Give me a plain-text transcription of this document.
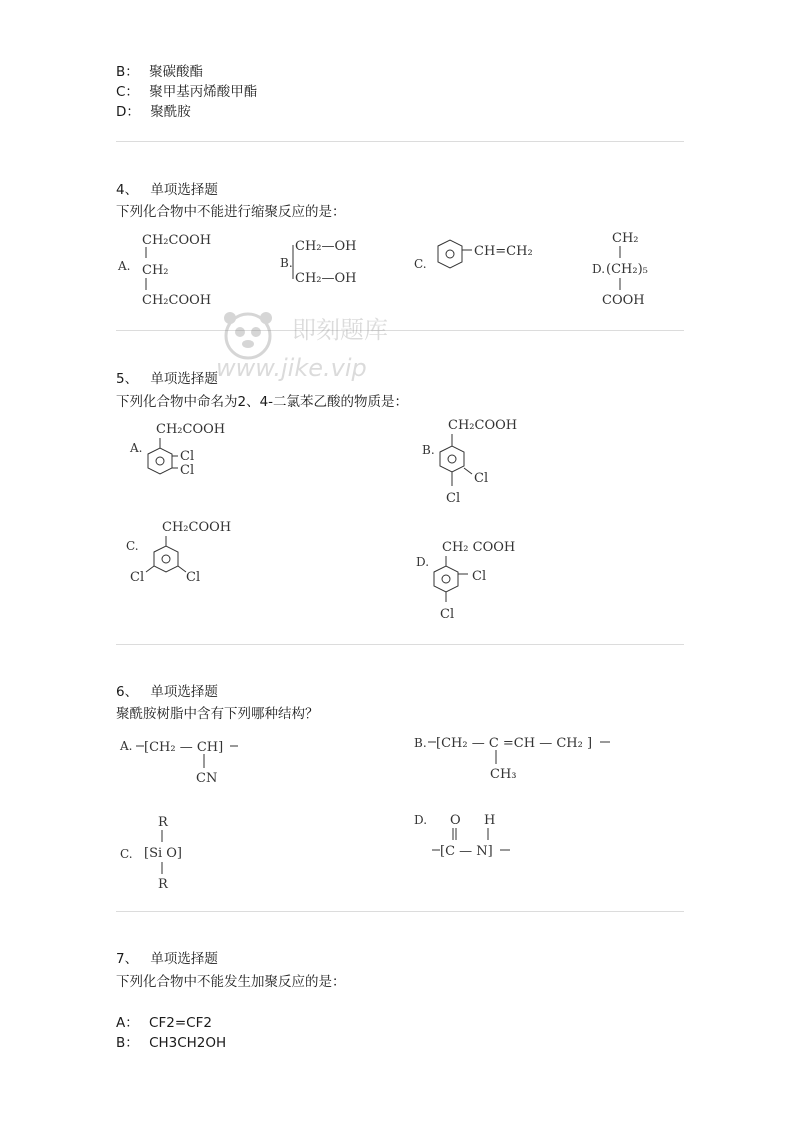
B： 聚碳酸酯
C： 聚甲基丙烯酸甲酯
D： 聚酰胺
4、 单项选择题
下列化合物中不能进行缩聚反应的是：
CH₂COOH
A. CH₂
CH₂COOH
B.
CH₂—OH
CH₂—OH
C.
CH=CH₂
CH₂
D. (CH₂)₅
COOH
即刻题库
www.jike.vip
5、 单项选择题
下列化合物中命名为2、4-二氯苯乙酸的物质是：
CH₂COOH
A.
Cl
Cl
CH₂COOH
B.
Cl
Cl
CH₂COOH
C.
Cl	Cl
CH₂ COOH
D.
Cl
Cl
6、 单项选择题
聚酰胺树脂中含有下列哪种结构？
A. [CH₂ — CH]
CN
B. [CH₂ — C =CH — CH₂ ]
CH₃
R
C. [Si O]
R
D. O H
[C — N]
7、 单项选择题
下列化合物中不能发生加聚反应的是：
A： CF2=CF2
B： CH3CH2OH
